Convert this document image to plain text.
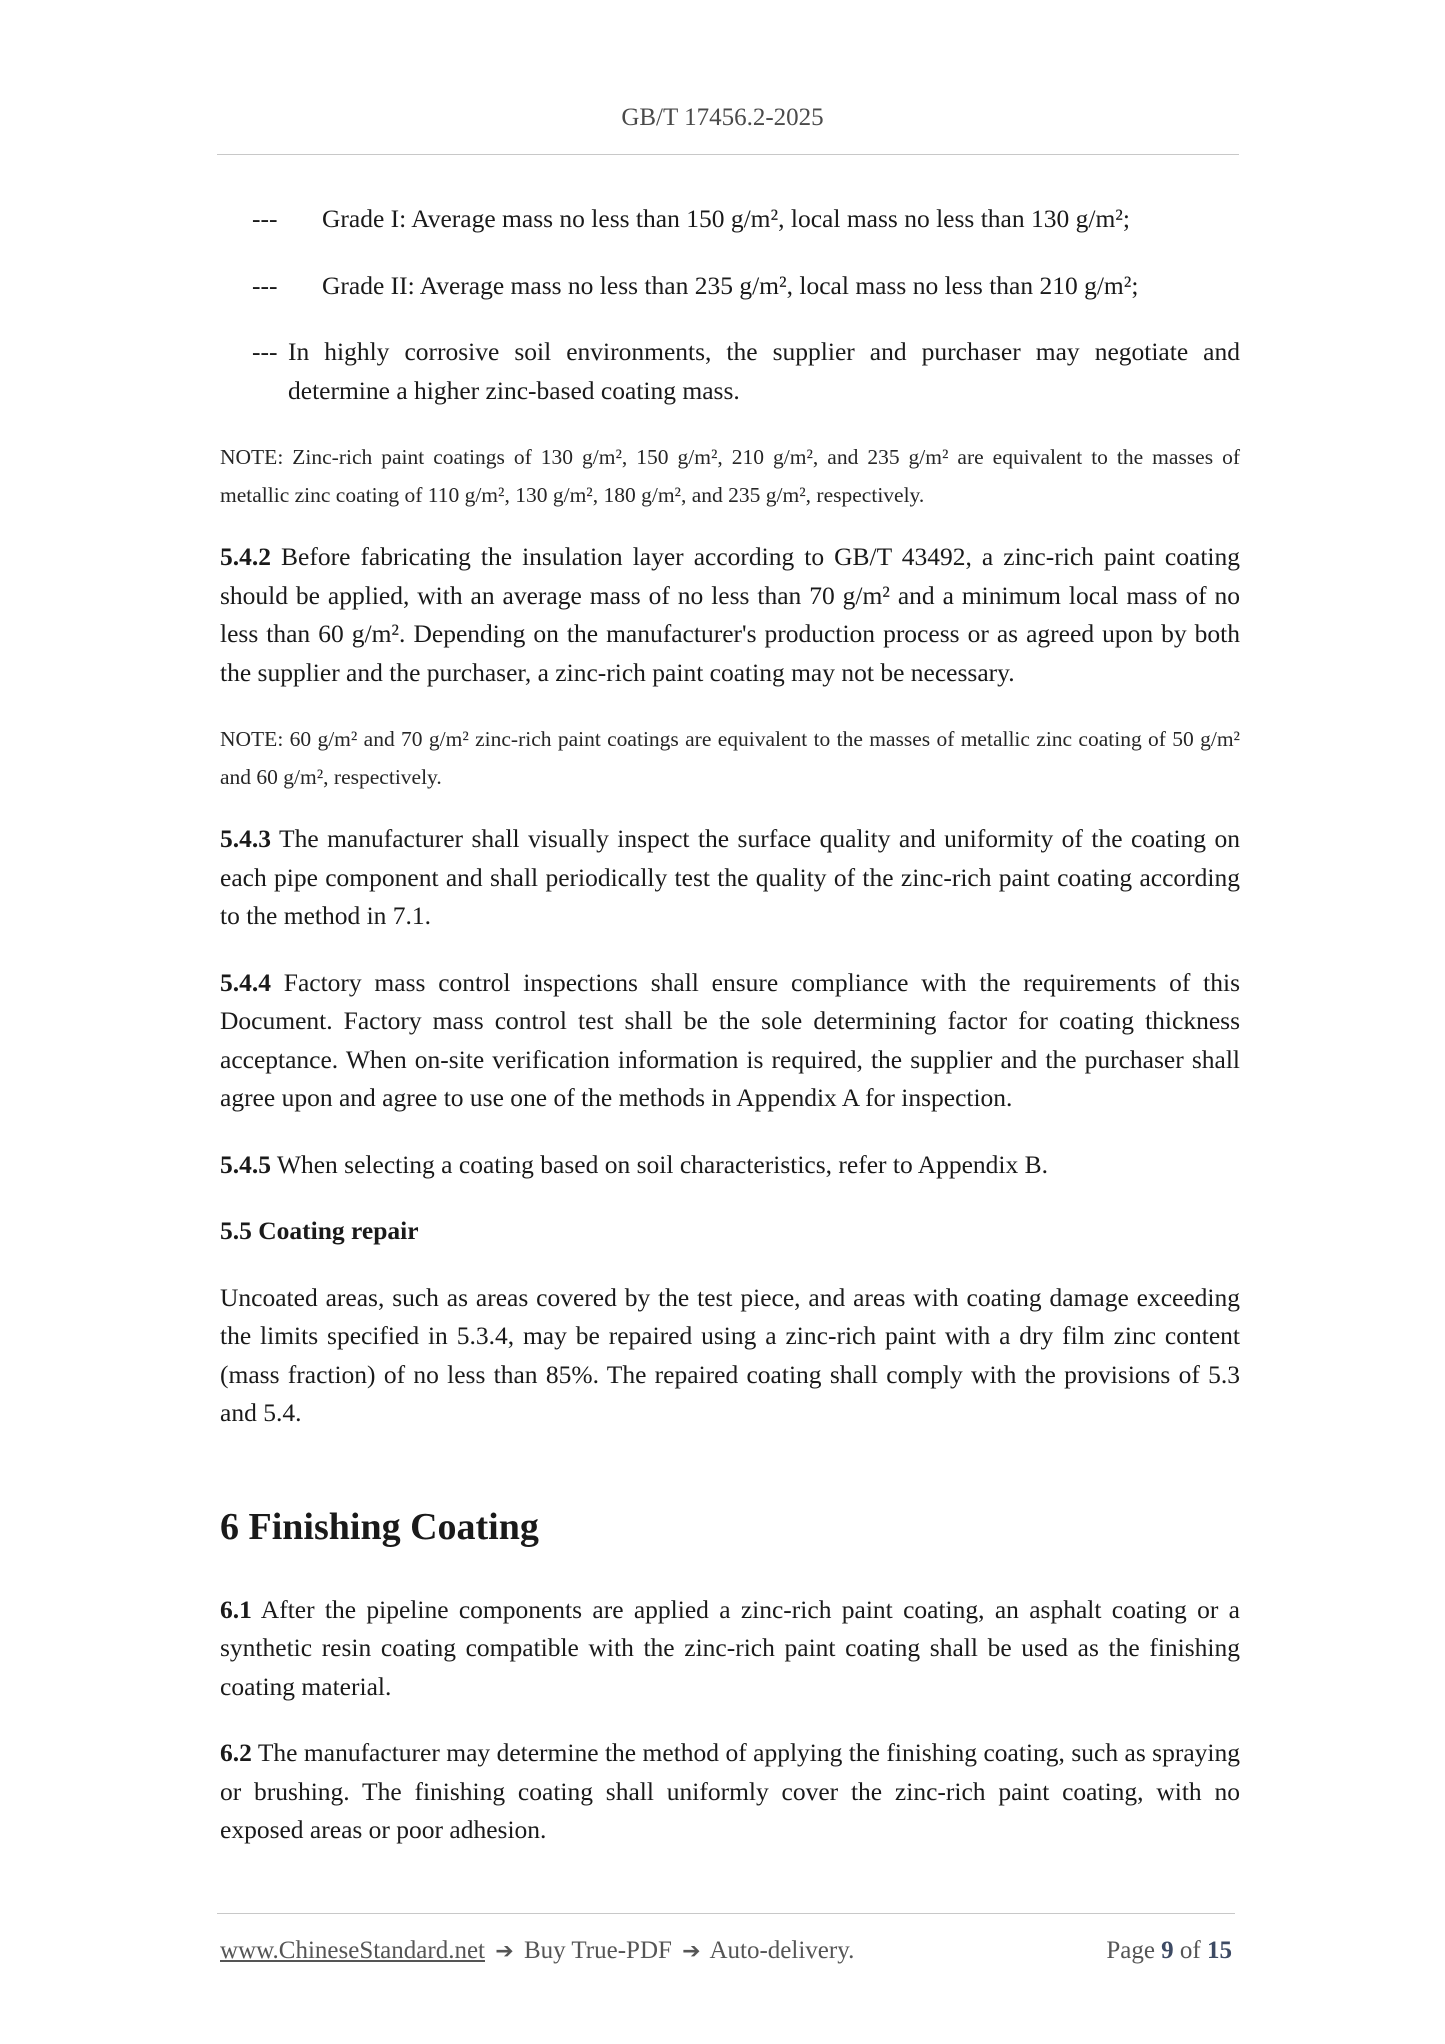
GB/T 17456.2-2025
--- Grade I: Average mass no less than 150 g/m², local mass no less than 130 g/m²;
--- Grade II: Average mass no less than 235 g/m², local mass no less than 210 g/m²;
--- In highly corrosive soil environments, the supplier and purchaser may negotiate and determine a higher zinc-based coating mass.

NOTE: Zinc-rich paint coatings of 130 g/m², 150 g/m², 210 g/m², and 235 g/m² are equivalent to the masses of metallic zinc coating of 110 g/m², 130 g/m², 180 g/m², and 235 g/m², respectively.

5.4.2 Before fabricating the insulation layer according to GB/T 43492, a zinc-rich paint coating should be applied, with an average mass of no less than 70 g/m² and a minimum local mass of no less than 60 g/m². Depending on the manufacturer's production process or as agreed upon by both the supplier and the purchaser, a zinc-rich paint coating may not be necessary.

NOTE: 60 g/m² and 70 g/m² zinc-rich paint coatings are equivalent to the masses of metallic zinc coating of 50 g/m² and 60 g/m², respectively.

5.4.3 The manufacturer shall visually inspect the surface quality and uniformity of the coating on each pipe component and shall periodically test the quality of the zinc-rich paint coating according to the method in 7.1.

5.4.4 Factory mass control inspections shall ensure compliance with the requirements of this Document. Factory mass control test shall be the sole determining factor for coating thickness acceptance. When on-site verification information is required, the supplier and the purchaser shall agree upon and agree to use one of the methods in Appendix A for inspection.

5.4.5 When selecting a coating based on soil characteristics, refer to Appendix B.

5.5 Coating repair

Uncoated areas, such as areas covered by the test piece, and areas with coating damage exceeding the limits specified in 5.3.4, may be repaired using a zinc-rich paint with a dry film zinc content (mass fraction) of no less than 85%. The repaired coating shall comply with the provisions of 5.3 and 5.4.

6 Finishing Coating

6.1 After the pipeline components are applied a zinc-rich paint coating, an asphalt coating or a synthetic resin coating compatible with the zinc-rich paint coating shall be used as the finishing coating material.

6.2 The manufacturer may determine the method of applying the finishing coating, such as spraying or brushing. The finishing coating shall uniformly cover the zinc-rich paint coating, with no exposed areas or poor adhesion.

www.ChineseStandard.net ➔ Buy True-PDF ➔ Auto-delivery.	Page 9 of 15
